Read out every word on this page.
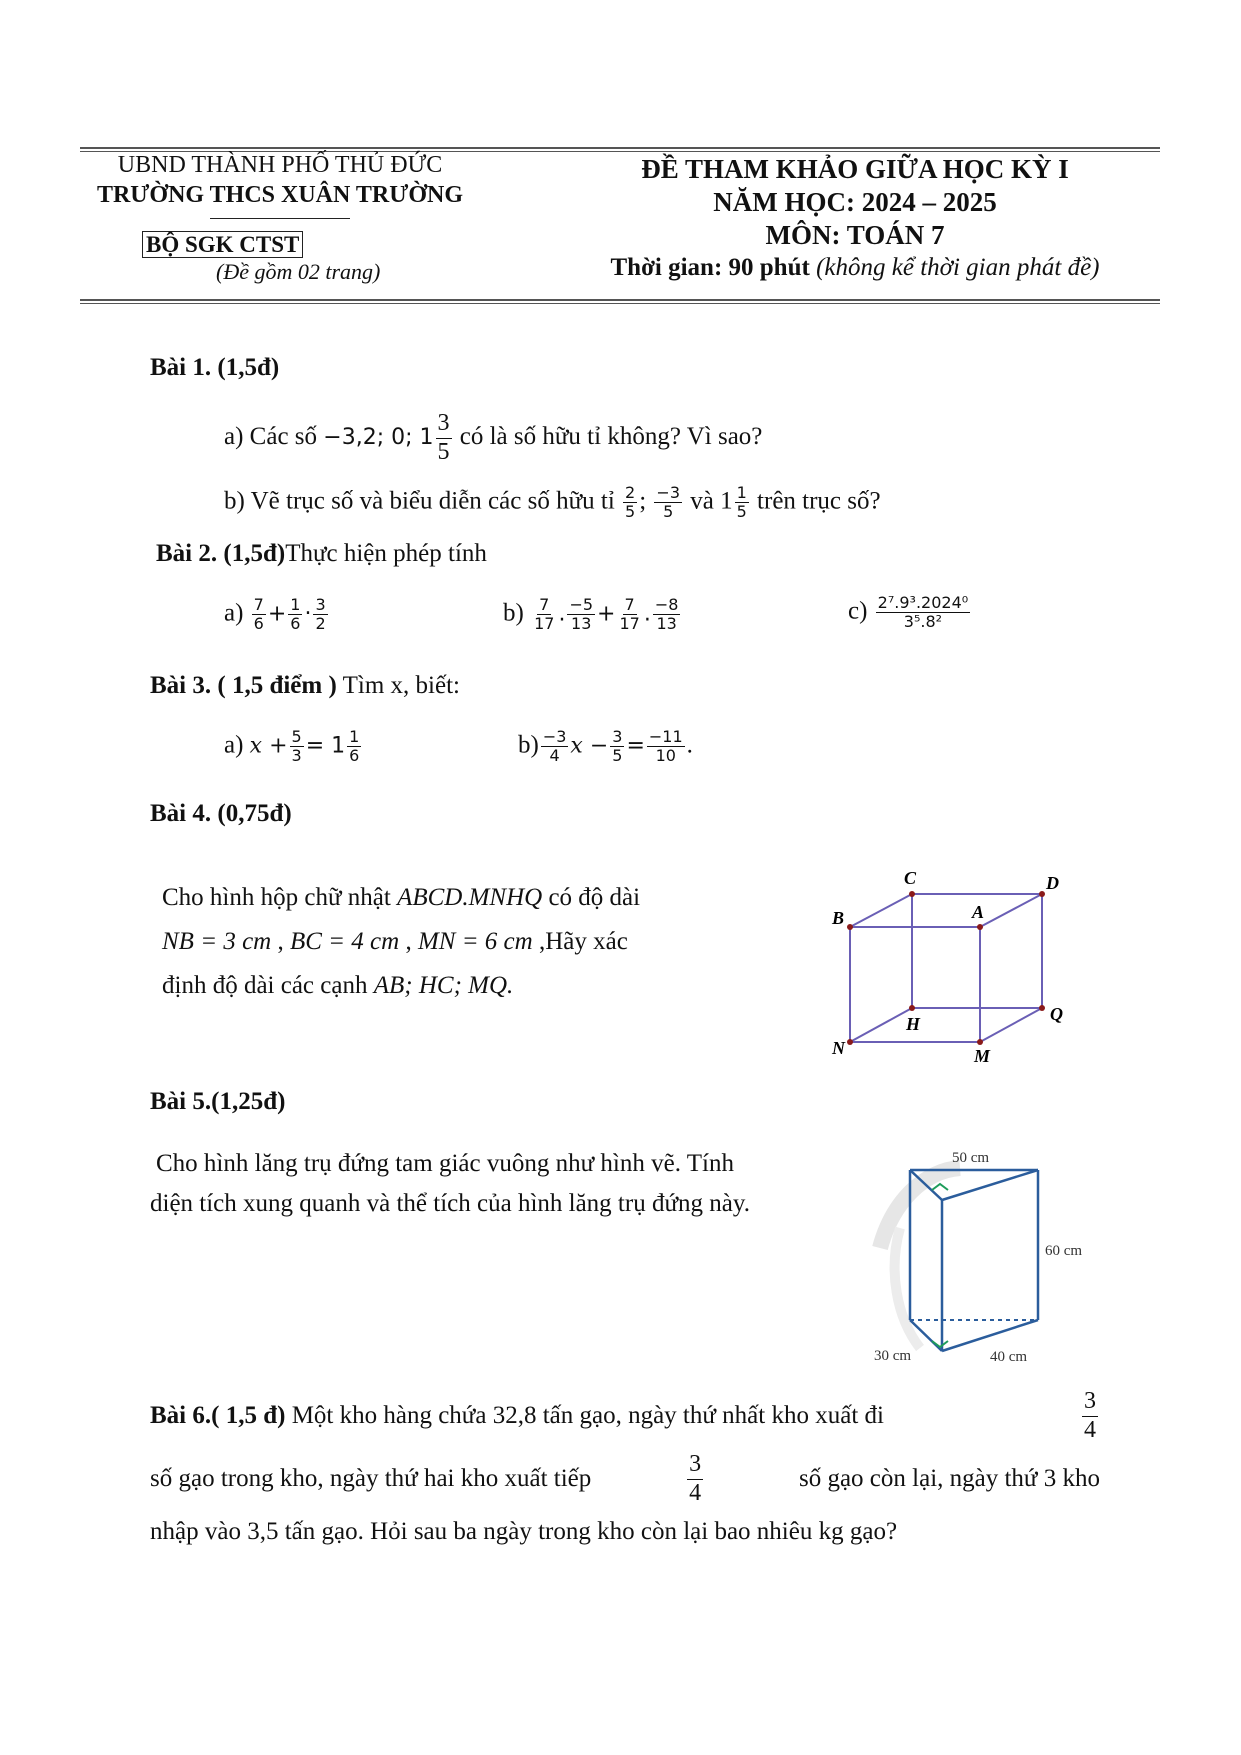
UBND THÀNH PHỐ THỦ ĐỨC
TRƯỜNG THCS XUÂN TRƯỜNG
BỘ SGK CTST
(Đề gồm 02 trang)
ĐỀ THAM KHẢO GIỮA HỌC KỲ I
NĂM HỌC: 2024 – 2025
MÔN: TOÁN 7
Thời gian: 90 phút (không kể thời gian phát đề)
Bài 1. (1,5đ)
a) Các số −3,2; 0; $1 \frac{3}{5}$ có là số hữu tỉ không? Vì sao?
b) Vẽ trục số và biểu diễn các số hữu tỉ $\frac{2}{5}$ ; $\frac{-3}{5}$ và $1 \frac{1}{5}$ trên trục số?
Bài 2. (1,5đ)Thực hiện phép tính
$a) \frac{7}{6} + \frac{1}{6} \cdot \frac{3}{2}$	$b) \frac{7}{17}$ . $\frac{-5}{13} + \frac{7}{17}$ . $\frac{-8}{13}$	$c) \frac{\text{2⁷.9³.2024⁰}}{\text{3⁵.8²}}$
Bài 3. ( 1,5 điểm ) Tìm x, biết:
a) $x + \frac{5}{3} = 1 \frac{1}{6}$	$b) \frac{-3}{4}$ $x - \frac{3}{5} = \frac{-11}{10}$ .
Bài 4. (0,75đ)
Cho hình hộp chữ nhật ABCD.MNHQ có độ dài
NB = 3 cm , BC = 4 cm , MN = 6 cm ,Hãy xác
định độ dài các cạnh AB; HC; MQ.
C	D
B	A
H	Q
N	M
Bài 5.(1,25đ)
Cho hình lăng trụ đứng tam giác vuông như hình vẽ. Tính
diện tích xung quanh và thể tích của hình lăng trụ đứng này.
50 cm
60 cm
30 cm	40 cm
Bài 6.( 1,5 đ) Một kho hàng chứa 32,8 tấn gạo, ngày thứ nhất kho xuất đi	$\frac{3}{4}$
số gạo trong kho, ngày thứ hai kho xuất tiếp	$\frac{3}{4}$	số gạo còn lại, ngày thứ 3 kho
nhập vào 3,5 tấn gạo. Hỏi sau ba ngày trong kho còn lại bao nhiêu kg gạo?
